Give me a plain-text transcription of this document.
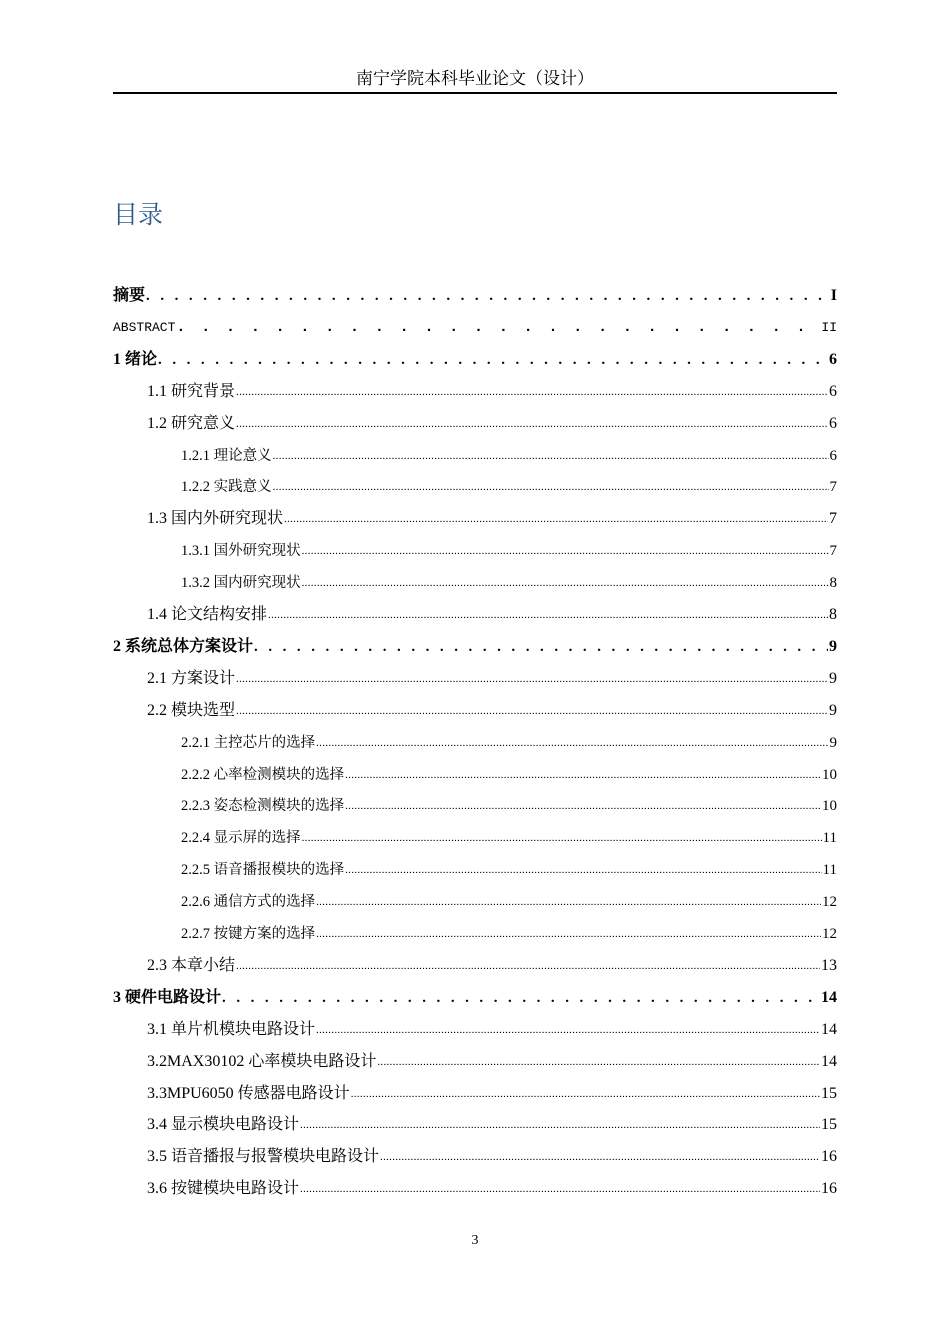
南宁学院本科毕业论文（设计）
目录
摘要 . . .	I
ABSTRACT . . .	II
1 绪论 . . .	6
1.1 研究背景 .....	6
1.2 研究意义 .....	6
1.2.1 理论意义 .....	6
1.2.2 实践意义 .....	7
1.3 国内外研究现状 .....	7
1.3.1 国外研究现状 .....	7
1.3.2 国内研究现状 .....	8
1.4 论文结构安排 .....	8
2 系统总体方案设计 . . .	9
2.1 方案设计 .....	9
2.2 模块选型 .....	9
2.2.1 主控芯片的选择 .....	9
2.2.2 心率检测模块的选择 .....	10
2.2.3 姿态检测模块的选择 .....	10
2.2.4 显示屏的选择 .....	11
2.2.5 语音播报模块的选择 .....	11
2.2.6 通信方式的选择 .....	12
2.2.7 按键方案的选择 .....	12
2.3 本章小结 .....	13
3 硬件电路设计 . . .	14
3.1 单片机模块电路设计 .....	14
3.2MAX30102 心率模块电路设计 .....	14
3.3MPU6050 传感器电路设计 .....	15
3.4 显示模块电路设计 .....	15
3.5 语音播报与报警模块电路设计 .....	16
3.6 按键模块电路设计 .....	16
3
